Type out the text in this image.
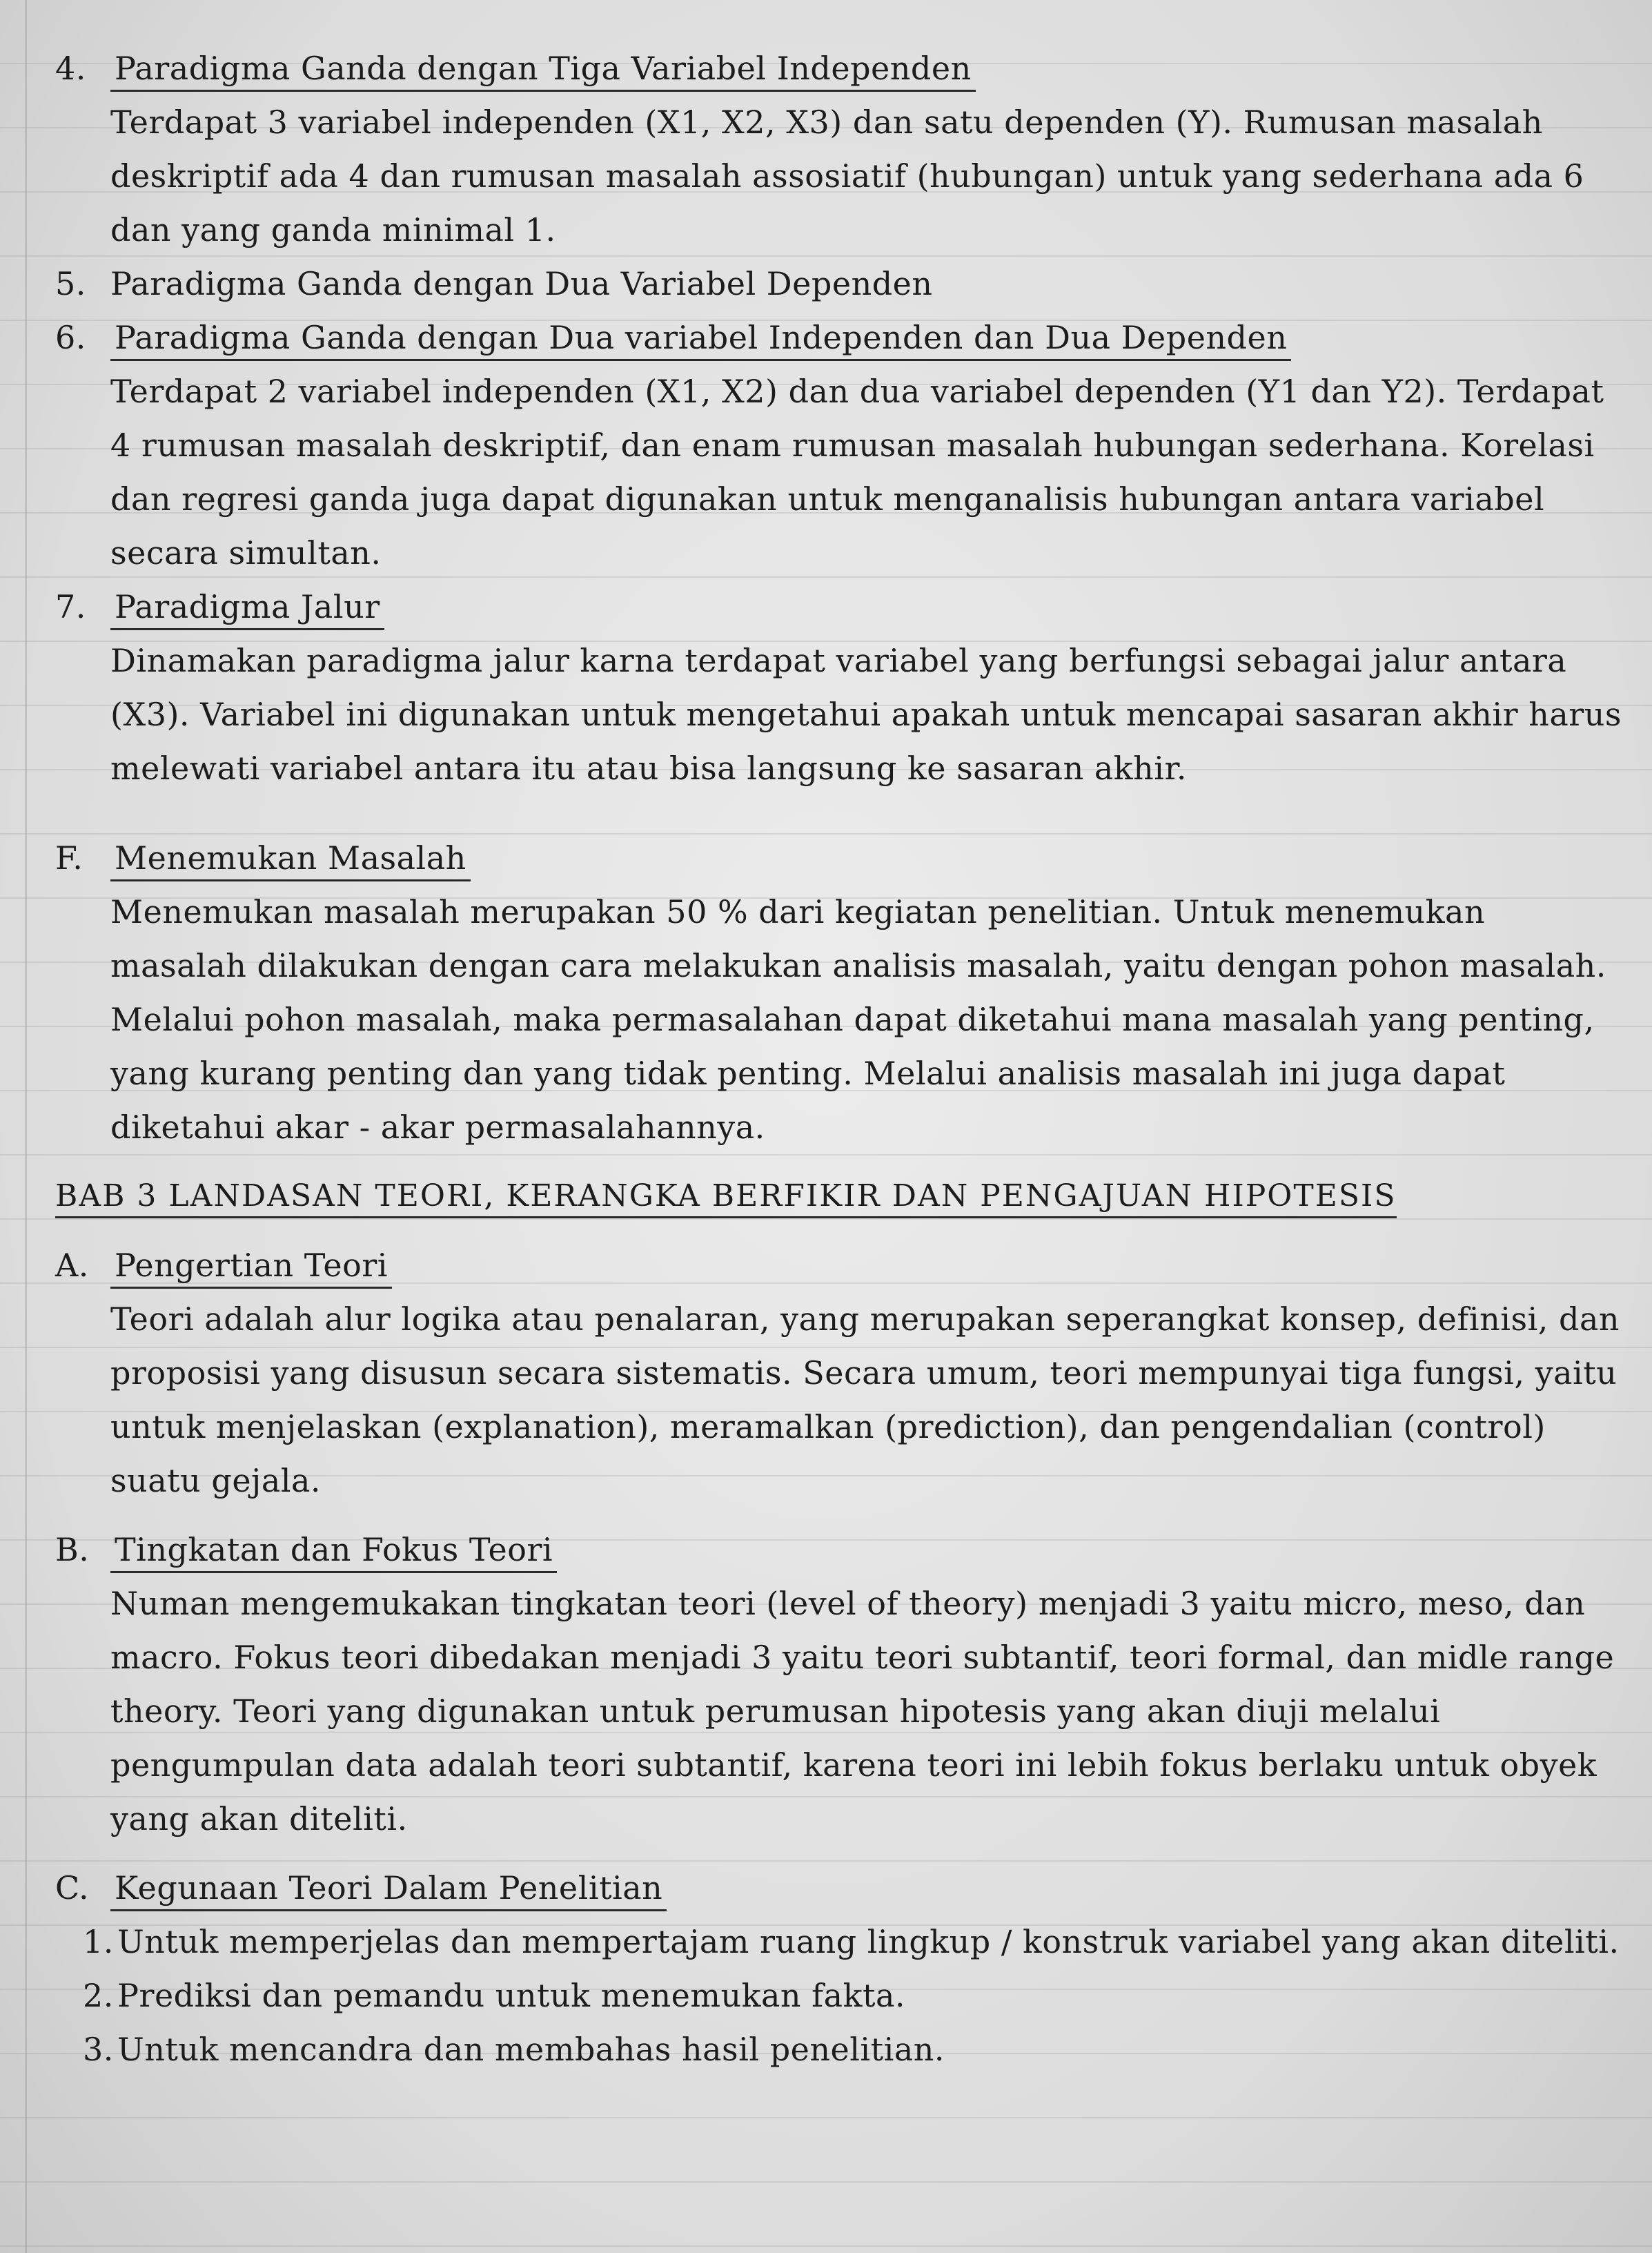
4. Paradigma Ganda dengan Tiga Variabel Independen
Terdapat 3 variabel independen (X1, X2, X3) dan satu dependen (Y). Rumusan masalah deskriptif ada 4 dan rumusan masalah assosiatif (hubungan) untuk yang sederhana ada 6 dan yang ganda minimal 1.
5. Paradigma Ganda dengan Dua Variabel Dependen
6. Paradigma Ganda dengan Dua variabel Independen dan Dua Dependen
Terdapat 2 variabel independen (X1, X2) dan dua variabel dependen (Y1 dan Y2). Terdapat 4 rumusan masalah deskriptif, dan enam rumusan masalah hubungan sederhana. Korelasi dan regresi ganda juga dapat digunakan untuk menganalisis hubungan antara variabel secara simultan.
7. Paradigma Jalur
Dinamakan paradigma jalur karna terdapat variabel yang berfungsi sebagai jalur antara (X3). Variabel ini digunakan untuk mengetahui apakah untuk mencapai sasaran akhir harus melewati variabel antara itu atau bisa langsung ke sasaran akhir.
F. Menemukan Masalah
Menemukan masalah merupakan 50 % dari kegiatan penelitian. Untuk menemukan masalah dilakukan dengan cara melakukan analisis masalah, yaitu dengan pohon masalah. Melalui pohon masalah, maka permasalahan dapat diketahui mana masalah yang penting, yang kurang penting dan yang tidak penting. Melalui analisis masalah ini juga dapat diketahui akar - akar permasalahannya.
BAB 3 LANDASAN TEORI, KERANGKA BERFIKIR DAN PENGAJUAN HIPOTESIS
A. Pengertian Teori
Teori adalah alur logika atau penalaran, yang merupakan seperangkat konsep, definisi, dan proposisi yang disusun secara sistematis. Secara umum, teori mempunyai tiga fungsi, yaitu untuk menjelaskan (explanation), meramalkan (prediction), dan pengendalian (control) suatu gejala.
B. Tingkatan dan Fokus Teori
Numan mengemukakan tingkatan teori (level of theory) menjadi 3 yaitu micro, meso, dan macro. Fokus teori dibedakan menjadi 3 yaitu teori subtantif, teori formal, dan midle range theory. Teori yang digunakan untuk perumusan hipotesis yang akan diuji melalui pengumpulan data adalah teori subtantif, karena teori ini lebih fokus berlaku untuk obyek yang akan diteliti.
C. Kegunaan Teori Dalam Penelitian
1. Untuk memperjelas dan mempertajam ruang lingkup / konstruk variabel yang akan diteliti.
2. Prediksi dan pemandu untuk menemukan fakta.
3. Untuk mencandra dan membahas hasil penelitian.
